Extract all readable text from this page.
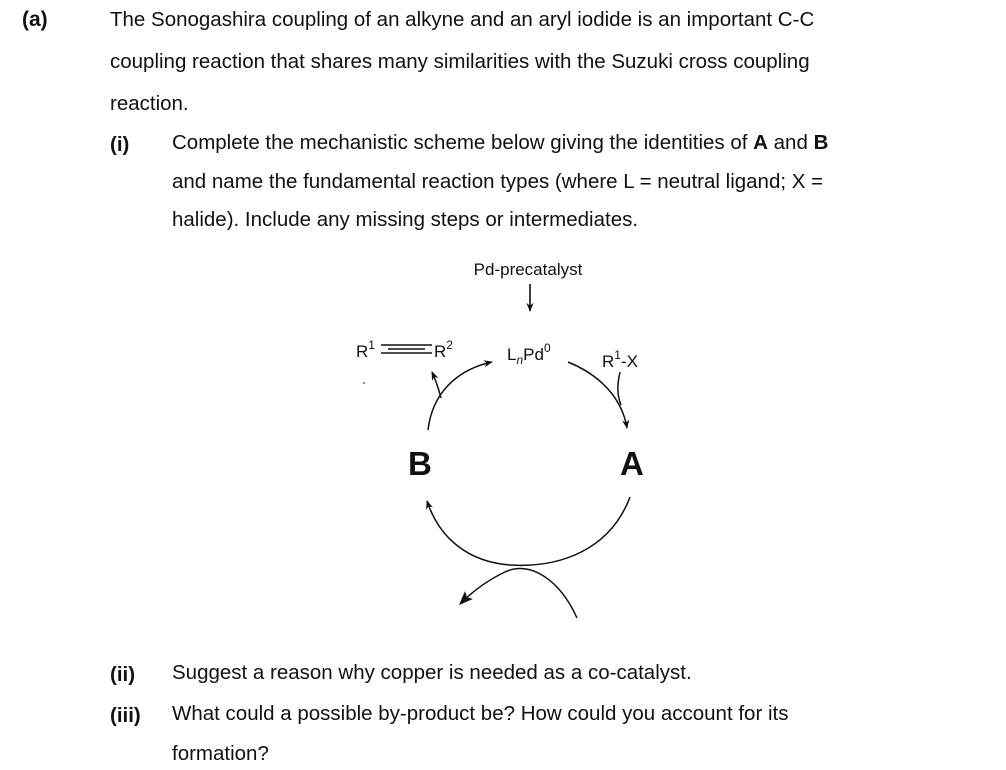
(a)	The Sonogashira coupling of an alkyne and an aryl iodide is an important C-C
coupling reaction that shares many similarities with the Suzuki cross coupling
reaction.
(i) Complete the mechanistic scheme below giving the identities of A and B
and name the fundamental reaction types (where L = neutral ligand; X =
halide). Include any missing steps or intermediates.
Pd-precatalyst
$L_nPd^0$
$R^1$	$R^2$
$R^1-X$
B	A
(ii) Suggest a reason why copper is needed as a co-catalyst.
(iii) What could a possible by-product be? How could you account for its
formation?
